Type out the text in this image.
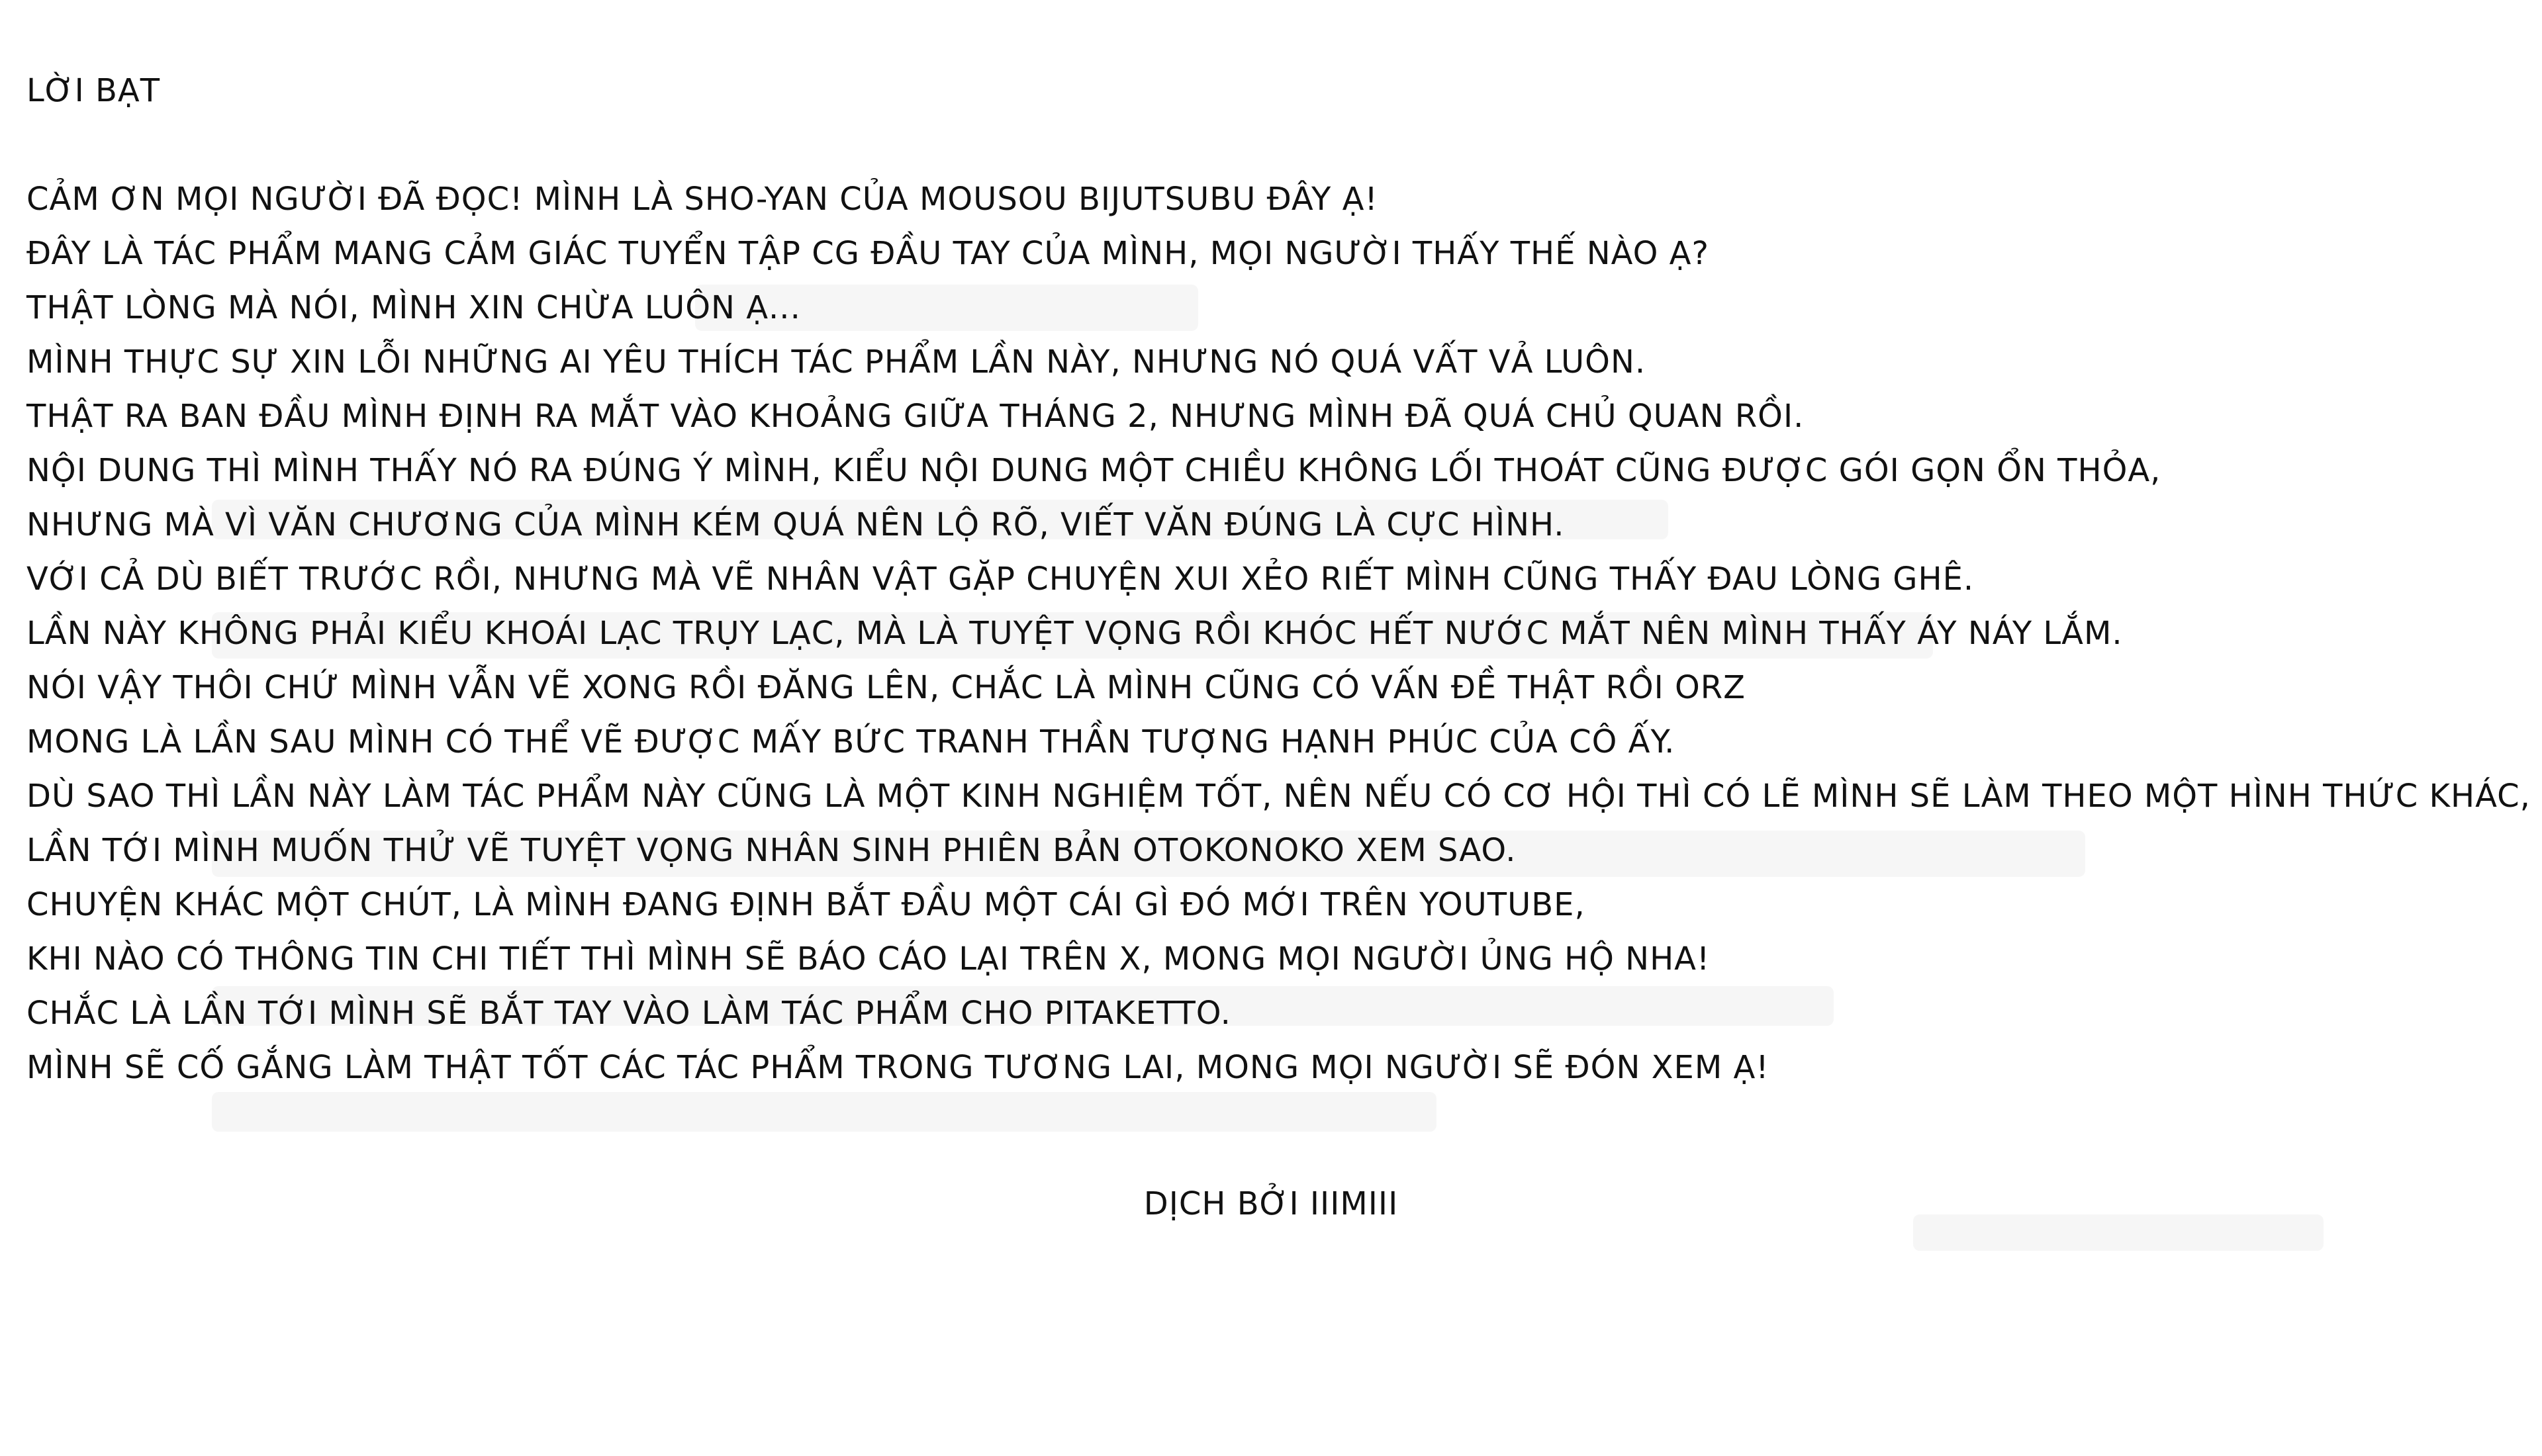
LỜI BẠT

CẢM ƠN MỌI NGƯỜI ĐÃ ĐỌC! MÌNH LÀ SHO-YAN CỦA MOUSOU BIJUTSUBU ĐÂY Ạ!

ĐÂY LÀ TÁC PHẨM MANG CẢM GIÁC TUYỂN TẬP CG ĐẦU TAY CỦA MÌNH, MỌI NGƯỜI THẤY THẾ NÀO Ạ?

THẬT LÒNG MÀ NÓI, MÌNH XIN CHỪA LUÔN Ạ...

MÌNH THỰC SỰ XIN LỖI NHỮNG AI YÊU THÍCH TÁC PHẨM LẦN NÀY, NHƯNG NÓ QUÁ VẤT VẢ LUÔN.

THẬT RA BAN ĐẦU MÌNH ĐỊNH RA MẮT VÀO KHOẢNG GIỮA THÁNG 2, NHƯNG MÌNH ĐÃ QUÁ CHỦ QUAN RỒI.

NỘI DUNG THÌ MÌNH THẤY NÓ RA ĐÚNG Ý MÌNH, KIỂU NỘI DUNG MỘT CHIỀU KHÔNG LỐI THOÁT CŨNG ĐƯỢC GÓI GỌN ỔN THỎA,

NHƯNG MÀ VÌ VĂN CHƯƠNG CỦA MÌNH KÉM QUÁ NÊN LỘ RÕ, VIẾT VĂN ĐÚNG LÀ CỰC HÌNH.

VỚI CẢ DÙ BIẾT TRƯỚC RỒI, NHƯNG MÀ VẼ NHÂN VẬT GẶP CHUYỆN XUI XẺO RIẾT MÌNH CŨNG THẤY ĐAU LÒNG GHÊ.

LẦN NÀY KHÔNG PHẢI KIỂU KHOÁI LẠC TRỤY LẠC, MÀ LÀ TUYỆT VỌNG RỒI KHÓC HẾT NƯỚC MẮT NÊN MÌNH THẤY ÁY NÁY LẮM.

NÓI VẬY THÔI CHỨ MÌNH VẪN VẼ XONG RỒI ĐĂNG LÊN, CHẮC LÀ MÌNH CŨNG CÓ VẤN ĐỀ THẬT RỒI ORZ

MONG LÀ LẦN SAU MÌNH CÓ THỂ VẼ ĐƯỢC MẤY BỨC TRANH THẦN TƯỢNG HẠNH PHÚC CỦA CÔ ẤY.

DÙ SAO THÌ LẦN NÀY LÀM TÁC PHẨM NÀY CŨNG LÀ MỘT KINH NGHIỆM TỐT, NÊN NẾU CÓ CƠ HỘI THÌ CÓ LẼ MÌNH SẼ LÀM THEO MỘT HÌNH THỨC KHÁC,

LẦN TỚI MÌNH MUỐN THỬ VẼ TUYỆT VỌNG NHÂN SINH PHIÊN BẢN OTOKONOKO XEM SAO.

CHUYỆN KHÁC MỘT CHÚT, LÀ MÌNH ĐANG ĐỊNH BẮT ĐẦU MỘT CÁI GÌ ĐÓ MỚI TRÊN YOUTUBE,

KHI NÀO CÓ THÔNG TIN CHI TIẾT THÌ MÌNH SẼ BÁO CÁO LẠI TRÊN X, MONG MỌI NGƯỜI ỦNG HỘ NHA!

CHẮC LÀ LẦN TỚI MÌNH SẼ BẮT TAY VÀO LÀM TÁC PHẨM CHO PITAKETTO.

MÌNH SẼ CỐ GẮNG LÀM THẬT TỐT CÁC TÁC PHẨM TRONG TƯƠNG LAI, MONG MỌI NGƯỜI SẼ ĐÓN XEM Ạ!

DỊCH BỞI IIIMIII
